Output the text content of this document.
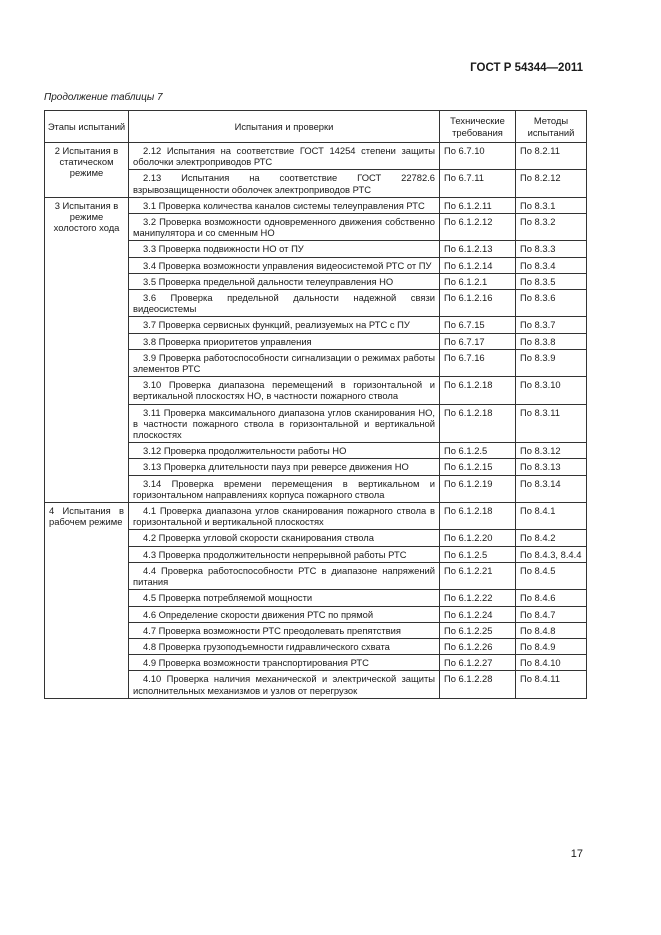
ГОСТ Р 54344—2011
Продолжение таблицы 7
Этапы испытаний	Испытания и проверки	Технические требования	Методы испытаний
2 Испытания в статическом режиме	2.12 Испытания на соответствие ГОСТ 14254 степени защиты оболочки электроприводов РТС	По 6.7.10	По 8.2.11
	2.13 Испытания на соответствие ГОСТ 22782.6 взрывозащищенности оболочек электроприводов РТС	По 6.7.11	По 8.2.12
3 Испытания в режиме холостого хода	3.1 Проверка количества каналов системы телеуправления РТС	По 6.1.2.11	По 8.3.1
	3.2 Проверка возможности одновременного движения собственно манипулятора и со сменным НО	По 6.1.2.12	По 8.3.2
	3.3 Проверка подвижности НО от ПУ	По 6.1.2.13	По 8.3.3
	3.4 Проверка возможности управления видеосистемой РТС от ПУ	По 6.1.2.14	По 8.3.4
	3.5 Проверка предельной дальности телеуправления НО	По 6.1.2.1	По 8.3.5
	3.6 Проверка предельной дальности надежной связи видеосистемы	По 6.1.2.16	По 8.3.6
	3.7 Проверка сервисных функций, реализуемых на РТС с ПУ	По 6.7.15	По 8.3.7
	3.8 Проверка приоритетов управления	По 6.7.17	По 8.3.8
	3.9 Проверка работоспособности сигнализации о режимах работы элементов РТС	По 6.7.16	По 8.3.9
	3.10 Проверка диапазона перемещений в горизонтальной и вертикальной плоскостях НО, в частности пожарного ствола	По 6.1.2.18	По 8.3.10
	3.11 Проверка максимального диапазона углов сканирования НО, в частности пожарного ствола в горизонтальной и вертикальной плоскостях	По 6.1.2.18	По 8.3.11
	3.12 Проверка продолжительности работы НО	По 6.1.2.5	По 8.3.12
	3.13 Проверка длительности пауз при реверсе движения НО	По 6.1.2.15	По 8.3.13
	3.14 Проверка времени перемещения в вертикальном и горизонтальном направлениях корпуса пожарного ствола	По 6.1.2.19	По 8.3.14
4 Испытания в рабочем режиме	4.1 Проверка диапазона углов сканирования пожарного ствола в горизонтальной и вертикальной плоскостях	По 6.1.2.18	По 8.4.1
	4.2 Проверка угловой скорости сканирования ствола	По 6.1.2.20	По 8.4.2
	4.3 Проверка продолжительности непрерывной работы РТС	По 6.1.2.5	По 8.4.3, 8.4.4
	4.4 Проверка работоспособности РТС в диапазоне напряжений питания	По 6.1.2.21	По 8.4.5
	4.5 Проверка потребляемой мощности	По 6.1.2.22	По 8.4.6
	4.6 Определение скорости движения РТС по прямой	По 6.1.2.24	По 8.4.7
	4.7 Проверка возможности РТС преодолевать препятствия	По 6.1.2.25	По 8.4.8
	4.8 Проверка грузоподъемности гидравлического схвата	По 6.1.2.26	По 8.4.9
	4.9 Проверка возможности транспортирования РТС	По 6.1.2.27	По 8.4.10
	4.10 Проверка наличия механической и электрической защиты исполнительных механизмов и узлов от перегрузок	По 6.1.2.28	По 8.4.11
17
